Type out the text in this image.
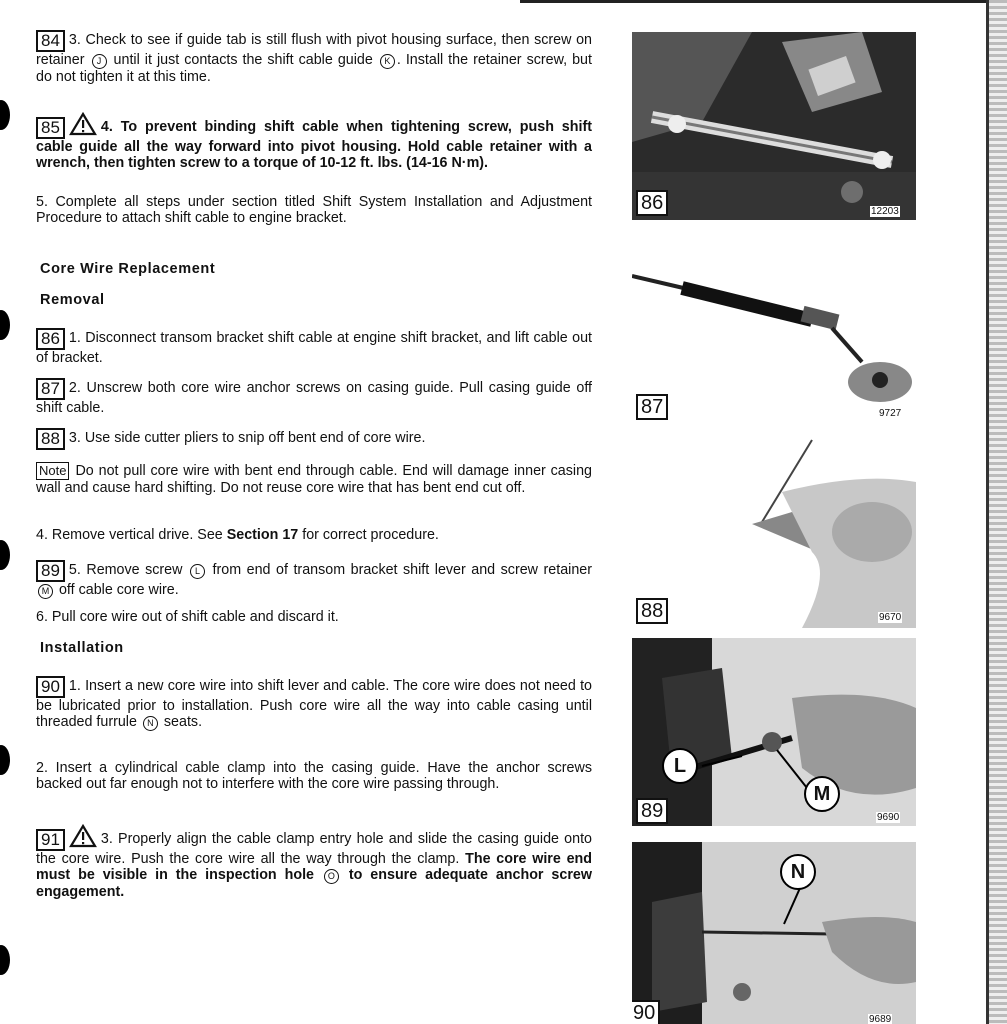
84 3. Check to see if guide tab is still flush with pivot housing surface, then screw on retainer J until it just contacts the shift cable guide K . Install the retainer screw, but do not tighten it at this time.

85	4. To prevent binding shift cable when tightening screw, push shift cable guide all the way forward into pivot housing. Hold cable retainer with a wrench, then tighten screw to a torque of 10-12 ft. lbs. (14-16 N·m).

5. Complete all steps under section titled Shift System Installation and Adjustment Procedure to attach shift cable to engine bracket.

Core Wire Replacement
Removal

86 1. Disconnect transom bracket shift cable at engine shift bracket, and lift cable out of bracket.

87 2. Unscrew both core wire anchor screws on casing guide. Pull casing guide off shift cable.

88 3. Use side cutter pliers to snip off bent end of core wire.

Note Do not pull core wire with bent end through cable. End will damage inner casing wall and cause hard shifting. Do not reuse core wire that has bent end cut off.

4. Remove vertical drive. See Section 17 for correct procedure.

89 5. Remove screw L from end of transom bracket shift lever and screw retainer M off cable core wire.

6. Pull core wire out of shift cable and discard it.

Installation

90 1. Insert a new core wire into shift lever and cable. The core wire does not need to be lubricated prior to installation. Push core wire all the way into cable casing until threaded furrule N seats.

2. Insert a cylindrical cable clamp into the casing guide. Have the anchor screws backed out far enough not to interfere with the core wire passing through.

91	3. Properly align the cable clamp entry hole and slide the casing guide onto the core wire. Push the core wire all the way through the clamp. The core wire end must be visible in the inspection hole O to ensure adequate anchor screw engagement.

86	12203
87	9727
88	9670
L
M
89	9690
N
90	9689
